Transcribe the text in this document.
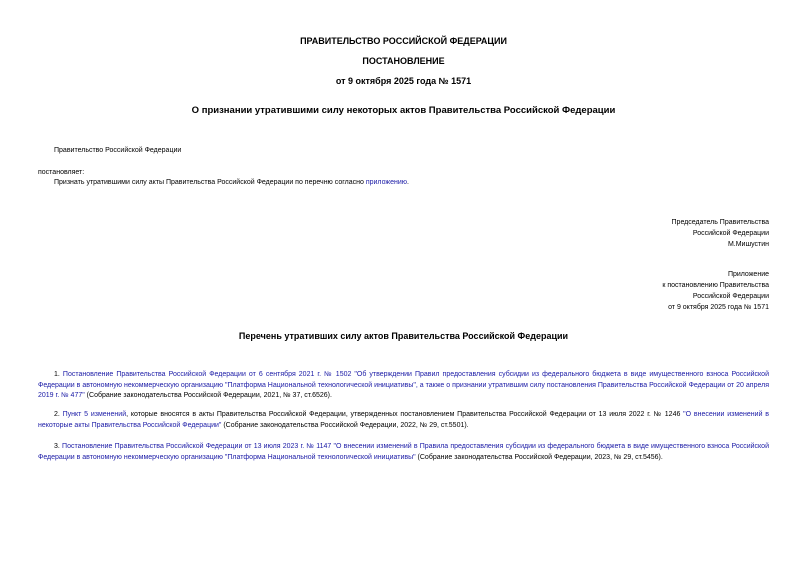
ПРАВИТЕЛЬСТВО РОССИЙСКОЙ ФЕДЕРАЦИИ
ПОСТАНОВЛЕНИЕ
от 9 октября 2025 года № 1571
О признании утратившими силу некоторых актов Правительства Российской Федерации
Правительство Российской Федерации
постановляет:
Признать утратившими силу акты Правительства Российской Федерации по перечню согласно приложению.
Председатель Правительства
Российской Федерации
М.Мишустин
Приложение
к постановлению Правительства
Российской Федерации
от 9 октября 2025 года № 1571
Перечень утративших силу актов Правительства Российской Федерации
1. Постановление Правительства Российской Федерации от 6 сентября 2021 г. № 1502 "Об утверждении Правил предоставления субсидии из федерального бюджета в виде имущественного взноса Российской Федерации в автономную некоммерческую организацию "Платформа Национальной технологической инициативы", а также о признании утратившим силу постановления Правительства Российской Федерации от 20 апреля 2019 г. № 477" (Собрание законодательства Российской Федерации, 2021, № 37, ст.6526).
2. Пункт 5 изменений, которые вносятся в акты Правительства Российской Федерации, утвержденных постановлением Правительства Российской Федерации от 13 июля 2022 г. № 1246 "О внесении изменений в некоторые акты Правительства Российской Федерации" (Собрание законодательства Российской Федерации, 2022, № 29, ст.5501).
3. Постановление Правительства Российской Федерации от 13 июля 2023 г. № 1147 "О внесении изменений в Правила предоставления субсидии из федерального бюджета в виде имущественного взноса Российской Федерации в автономную некоммерческую организацию "Платформа Национальной технологической инициативы" (Собрание законодательства Российской Федерации, 2023, № 29, ст.5456).
